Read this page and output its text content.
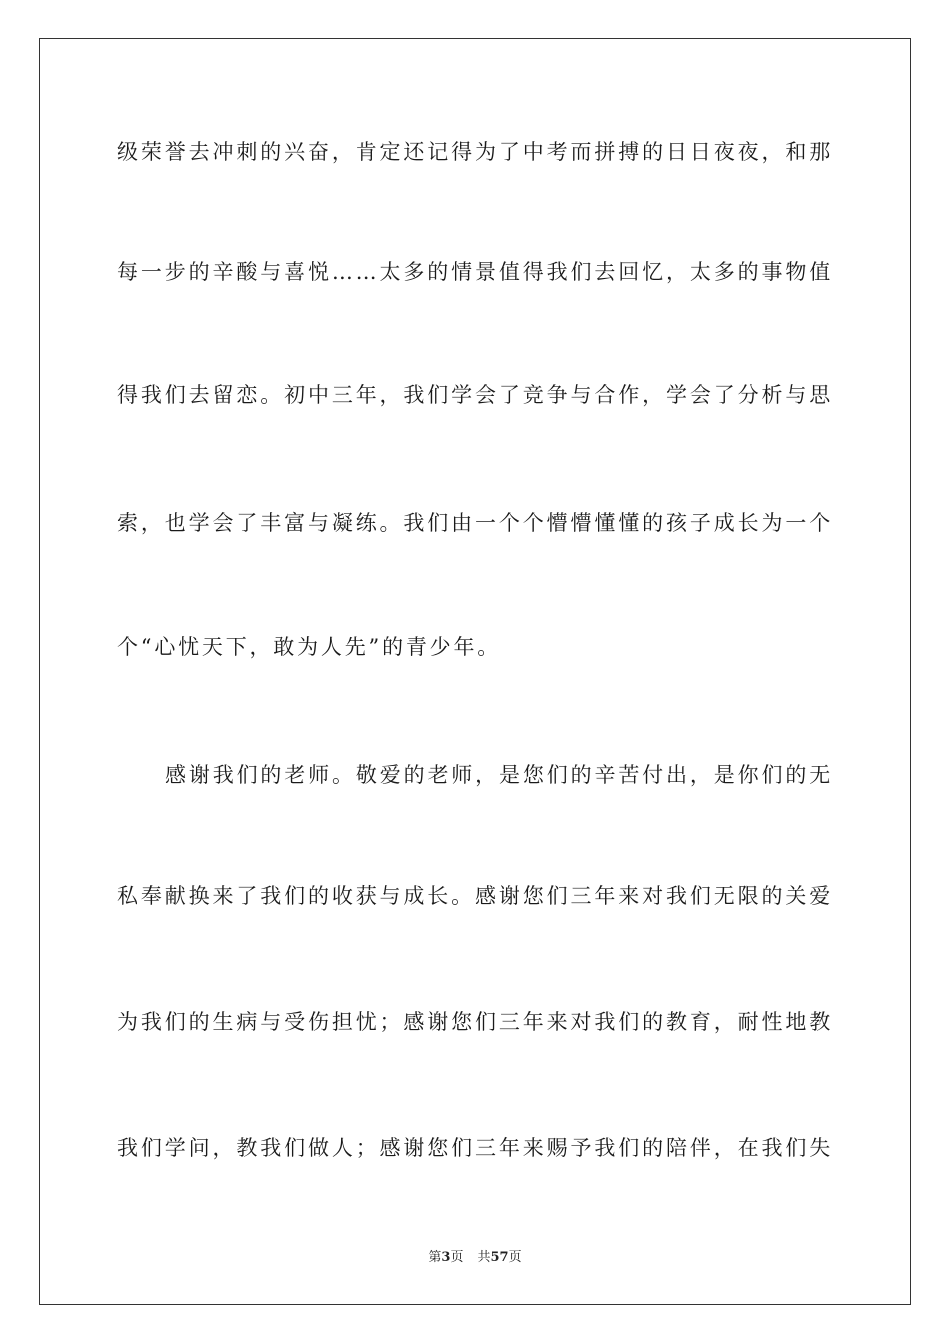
级荣誉去冲刺的兴奋，肯定还记得为了中考而拼搏的日日夜夜，和那
每一步的辛酸与喜悦……太多的情景值得我们去回忆，太多的事物值
得我们去留恋。初中三年，我们学会了竞争与合作，学会了分析与思
索，也学会了丰富与凝练。我们由一个个懵懵懂懂的孩子成长为一个
个“心忧天下，敢为人先”的青少年。
感谢我们的老师。敬爱的老师，是您们的辛苦付出，是你们的无
私奉献换来了我们的收获与成长。感谢您们三年来对我们无限的关爱
为我们的生病与受伤担忧；感谢您们三年来对我们的教育，耐性地教
我们学问，教我们做人；感谢您们三年来赐予我们的陪伴，在我们失
第3页 共57页
